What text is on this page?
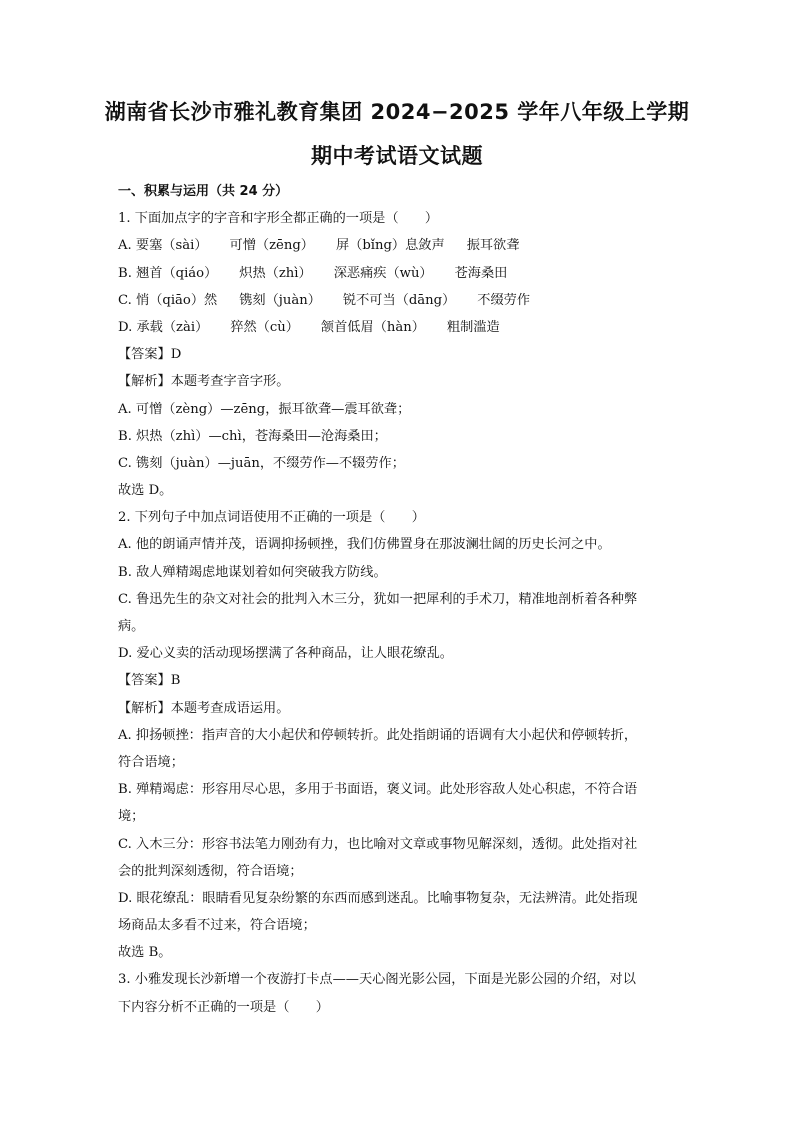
湖南省长沙市雅礼教育集团 2024−2025 学年八年级上学期
期中考试语文试题
一、积累与运用（共 24 分）
1. 下面加点字的字音和字形全都正确的一项是（　　）
A. 要塞（sài） 可憎（zēng） 屏（bǐng）息敛声 振耳欲聋
B. 翘首（qiáo） 炽热（zhì） 深恶痛疾（wù） 苍海桑田
C. 悄（qiāo）然 镌刻（juàn） 锐不可当（dāng） 不缀劳作
D. 承载（zài） 猝然（cù） 颔首低眉（hàn） 粗制滥造
【答案】D
【解析】本题考查字音字形。
A. 可憎（zèng）—zēng，振耳欲聋—震耳欲聋；
B. 炽热（zhì）—chì，苍海桑田—沧海桑田；
C. 镌刻（juàn）—juān，不缀劳作—不辍劳作；
故选 D。
2. 下列句子中加点词语使用不正确的一项是（　　）
A. 他的朗诵声情并茂，语调抑扬顿挫，我们仿佛置身在那波澜壮阔的历史长河之中。
B. 敌人殚精竭虑地谋划着如何突破我方防线。
C. 鲁迅先生的杂文对社会的批判入木三分，犹如一把犀利的手术刀，精准地剖析着各种弊
病。
D. 爱心义卖的活动现场摆满了各种商品，让人眼花缭乱。
【答案】B
【解析】本题考查成语运用。
A. 抑扬顿挫：指声音的大小起伏和停顿转折。此处指朗诵的语调有大小起伏和停顿转折，
符合语境；
B. 殚精竭虑：形容用尽心思，多用于书面语，褒义词。此处形容敌人处心积虑，不符合语
境；
C. 入木三分：形容书法笔力刚劲有力，也比喻对文章或事物见解深刻，透彻。此处指对社
会的批判深刻透彻，符合语境；
D. 眼花缭乱：眼睛看见复杂纷繁的东西而感到迷乱。比喻事物复杂，无法辨清。此处指现
场商品太多看不过来，符合语境；
故选 B。
3. 小雅发现长沙新增一个夜游打卡点——天心阁光影公园，下面是光影公园的介绍，对以
下内容分析不正确的一项是（　　）
